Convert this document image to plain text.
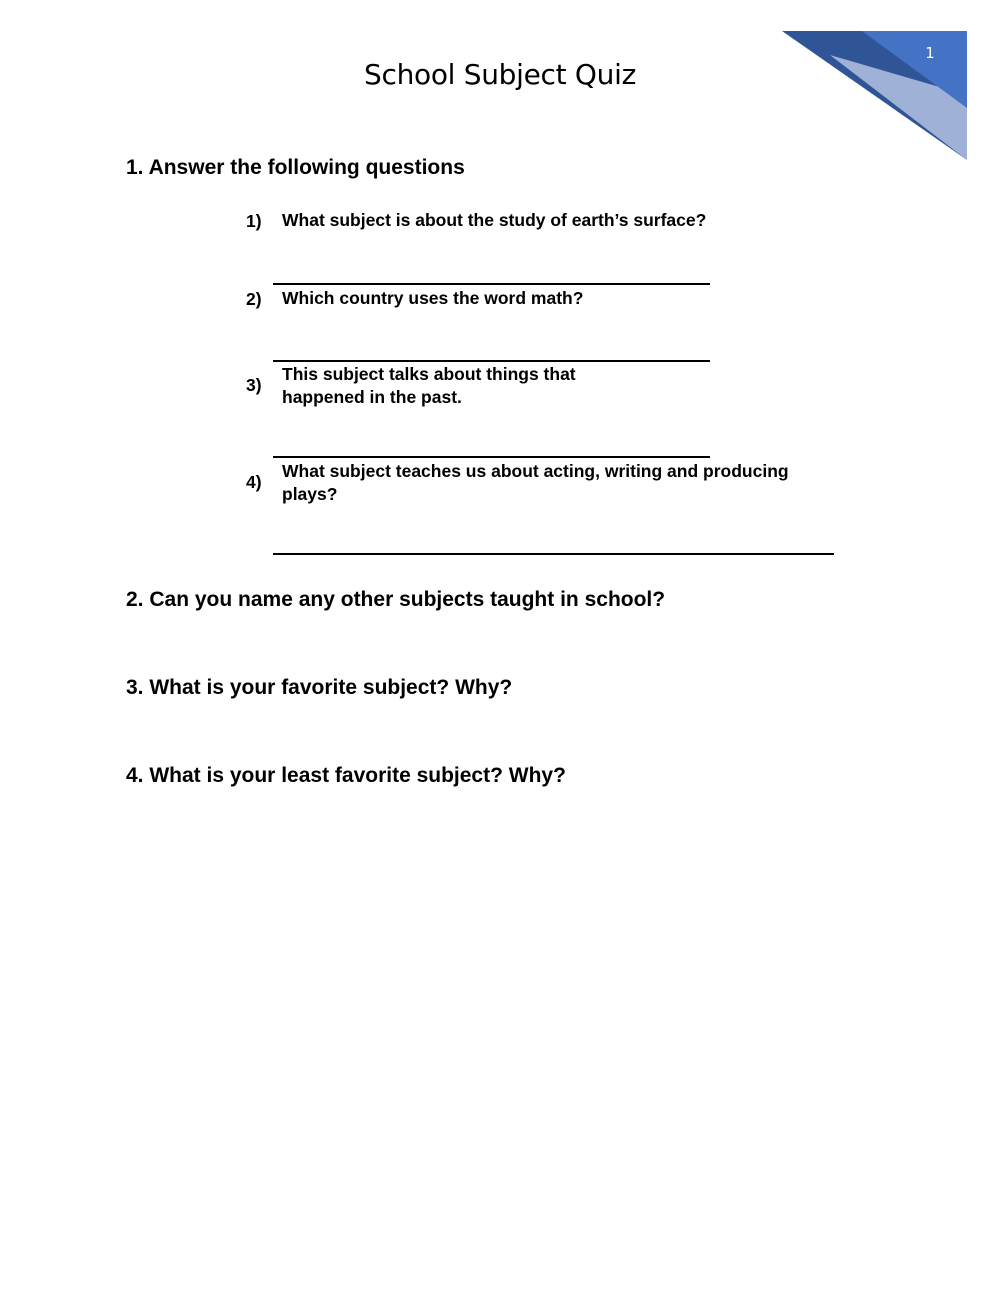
1
School Subject Quiz
1. Answer the following questions
1) What subject is about the study of earth’s surface?

2) Which country uses the word math?

3)
This subject talks about things that
happened in the past.
4)
What subject teaches us about acting, writing and producing
plays?
2. Can you name any other subjects taught in school?
3. What is your favorite subject? Why?
4. What is your least favorite subject? Why?
